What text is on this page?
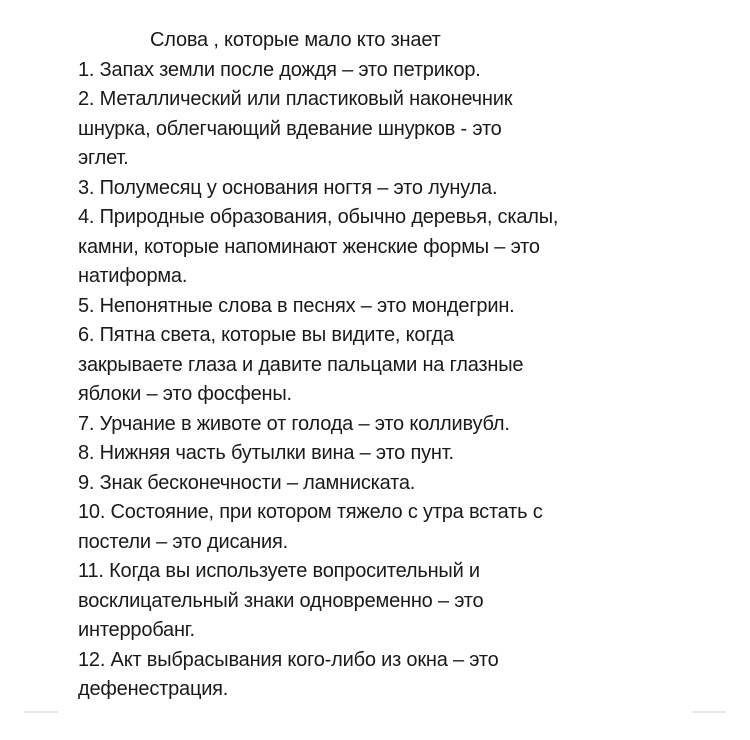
Слова , которые мало кто знает
1. Запах земли после дождя – это петрикор.
2. Металлический или пластиковый наконечник
шнурка, облегчающий вдевание шнурков - это
эглет.
3. Полумесяц у основания ногтя – это лунула.
4. Природные образования, обычно деревья, скалы,
камни, которые напоминают женские формы – это
натиформа.
5. Непонятные слова в песнях – это мондегрин.
6. Пятна света, которые вы видите, когда
закрываете глаза и давите пальцами на глазные
яблоки – это фосфены.
7. Урчание в животе от голода – это колливубл.
8. Нижняя часть бутылки вина – это пунт.
9. Знак бесконечности – ламниската.
10. Состояние, при котором тяжело с утра встать с
постели – это дисания.
11. Когда вы используете вопросительный и
восклицательный знаки одновременно – это
интерробанг.
12. Акт выбрасывания кого-либо из окна – это
дефенестрация.
